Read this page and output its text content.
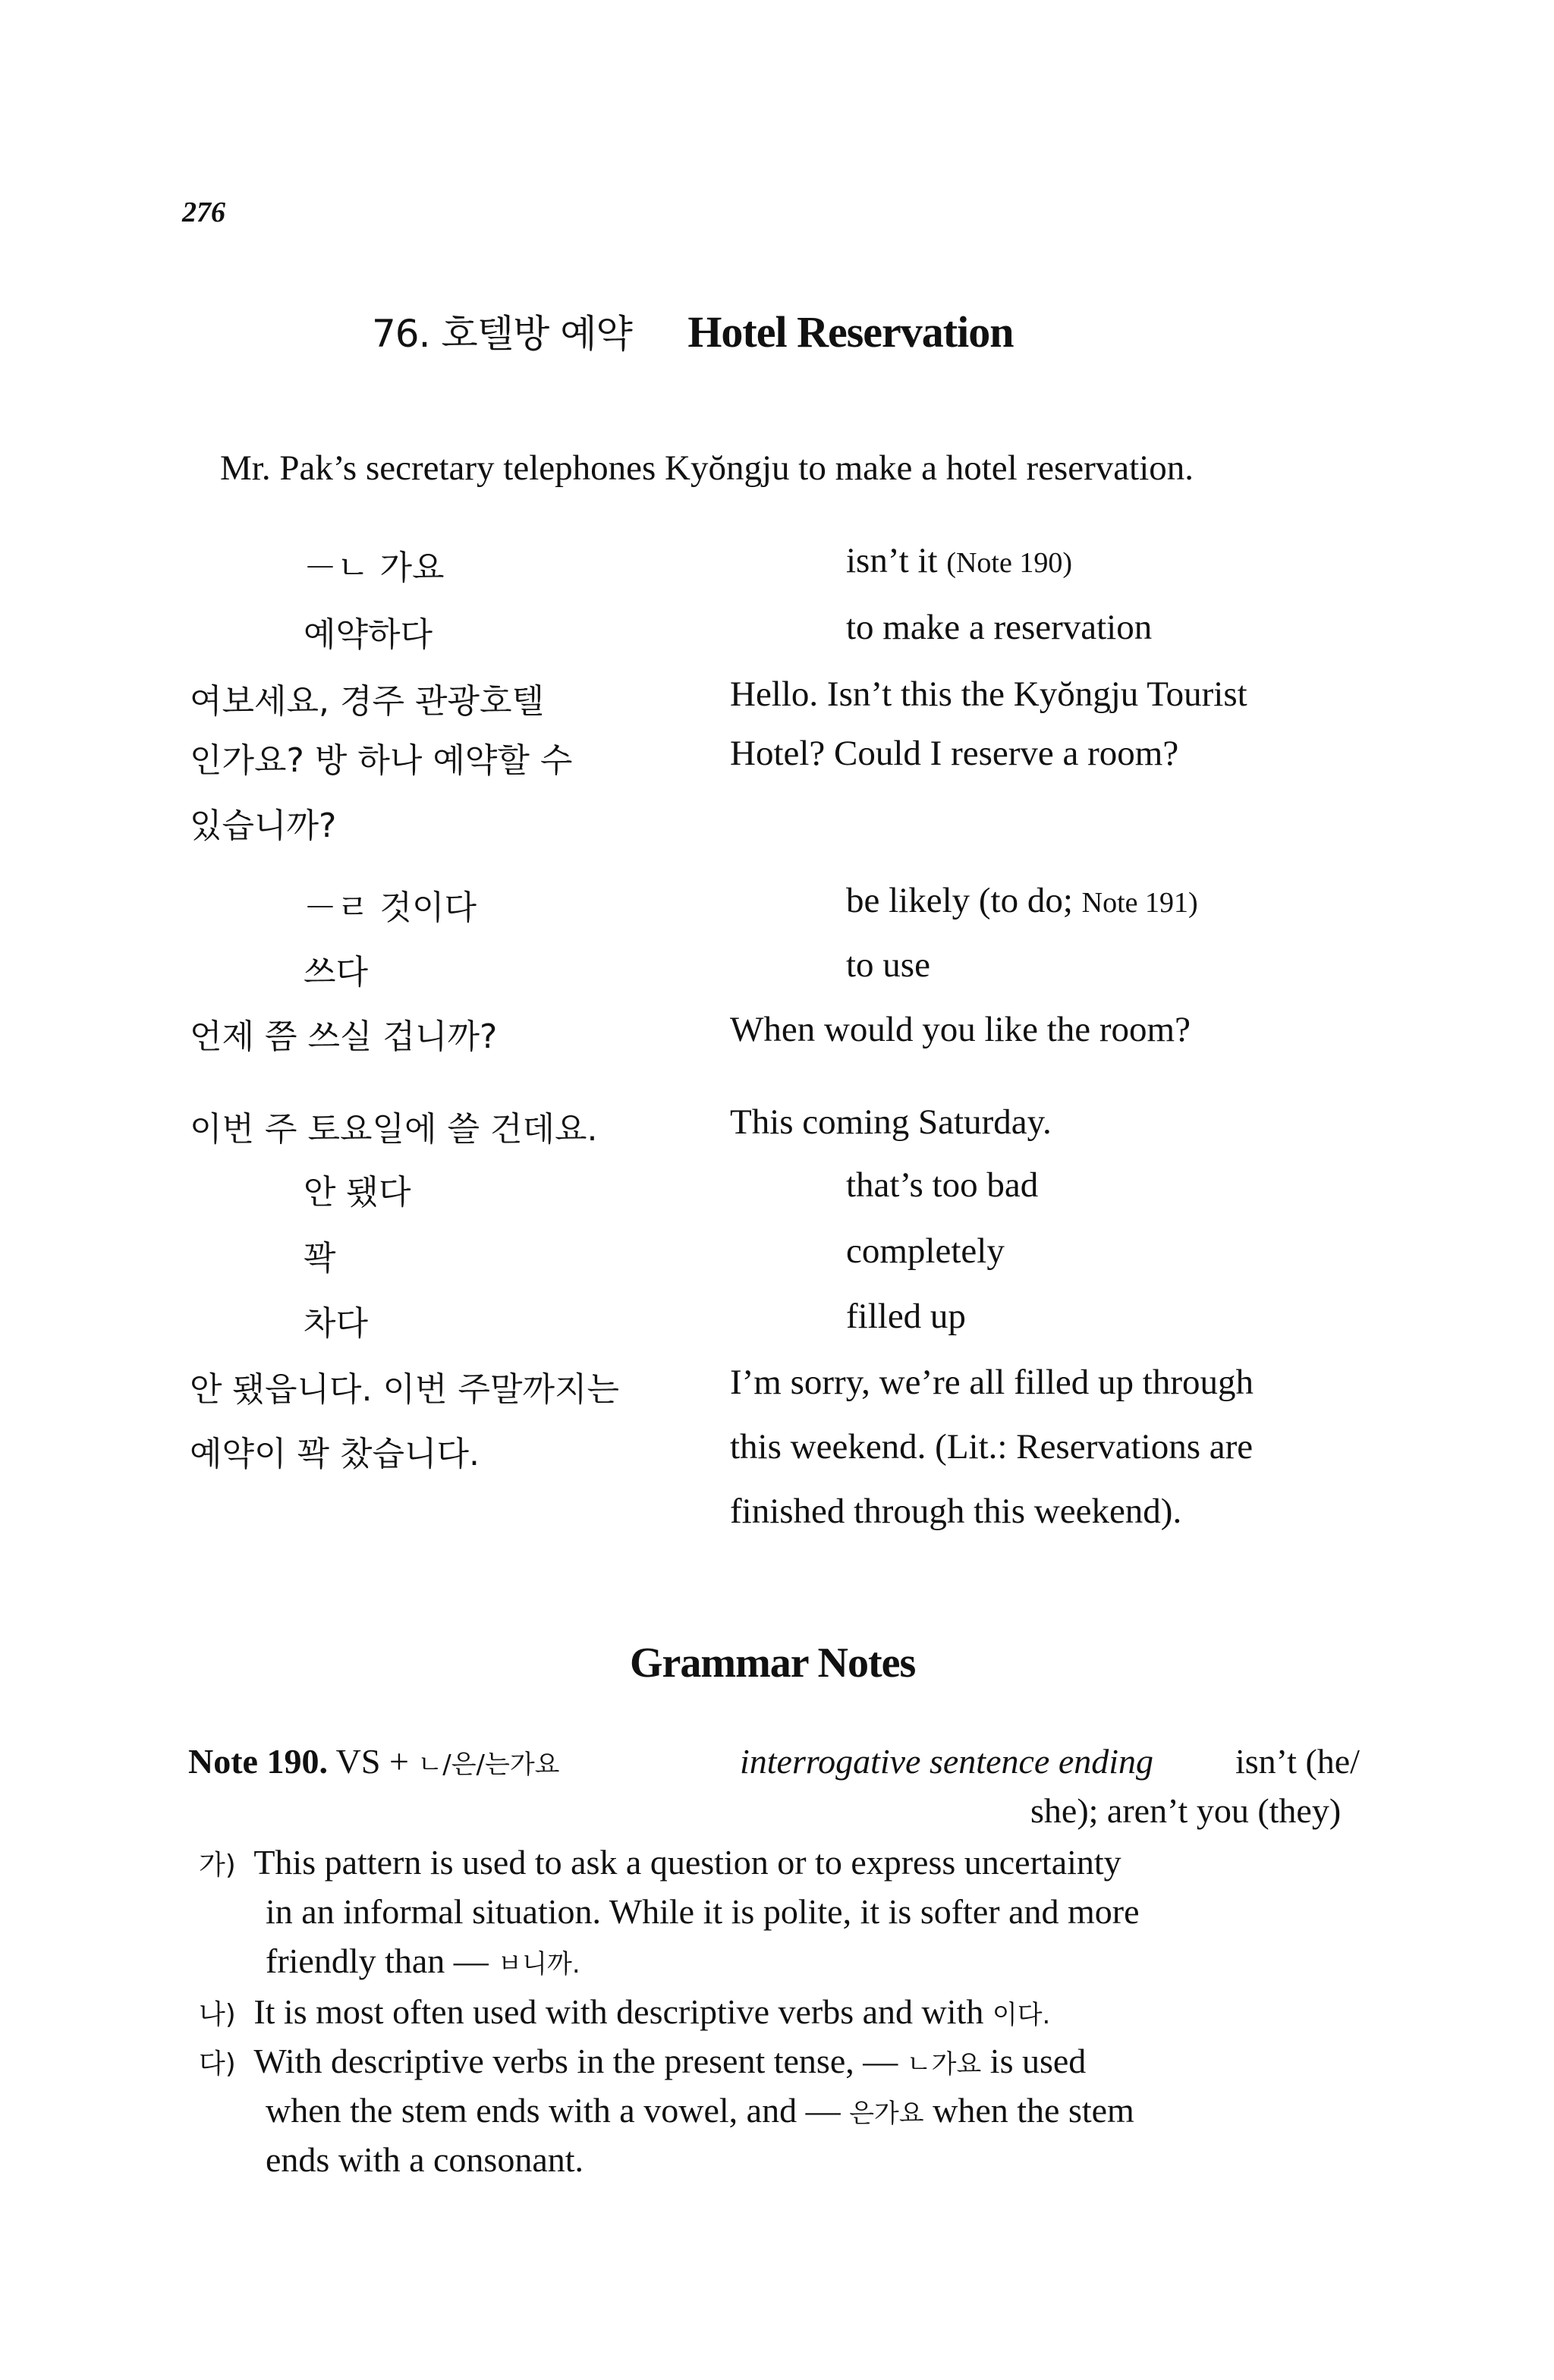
276
76. 호텔방 예약 Hotel Reservation
Mr. Pak’s secretary telephones Kyŏngju to make a hotel reservation.
－ㄴ 가요	isn’t it (Note 190)
예약하다	to make a reservation
여보세요, 경주 관광호텔	Hello. Isn’t this the Kyŏngju Tourist
인가요? 방 하나 예약할 수	Hotel? Could I reserve a room?
있습니까?
－ㄹ 것이다	be likely (to do; Note 191)
쓰다	to use
언제 쯤 쓰실 겁니까?	When would you like the room?
이번 주 토요일에 쓸 건데요.	This coming Saturday.
안 됐다	that’s too bad
꽉	completely
차다	filled up
안 됐읍니다. 이번 주말까지는	I’m sorry, we’re all filled up through
예약이 꽉 찼습니다.	this weekend. (Lit.: Reservations are
finished through this weekend).
Grammar Notes
Note 190. VS + ㄴ/은/는가요	interrogative sentence ending isn’t (he/
she); aren’t you (they)
가) This pattern is used to ask a question or to express uncertainty
in an informal situation. While it is polite, it is softer and more
friendly than — ㅂ니까.
나) It is most often used with descriptive verbs and with 이다.
다) With descriptive verbs in the present tense, — ㄴ가요 is used
when the stem ends with a vowel, and — 은가요 when the stem
ends with a consonant.
